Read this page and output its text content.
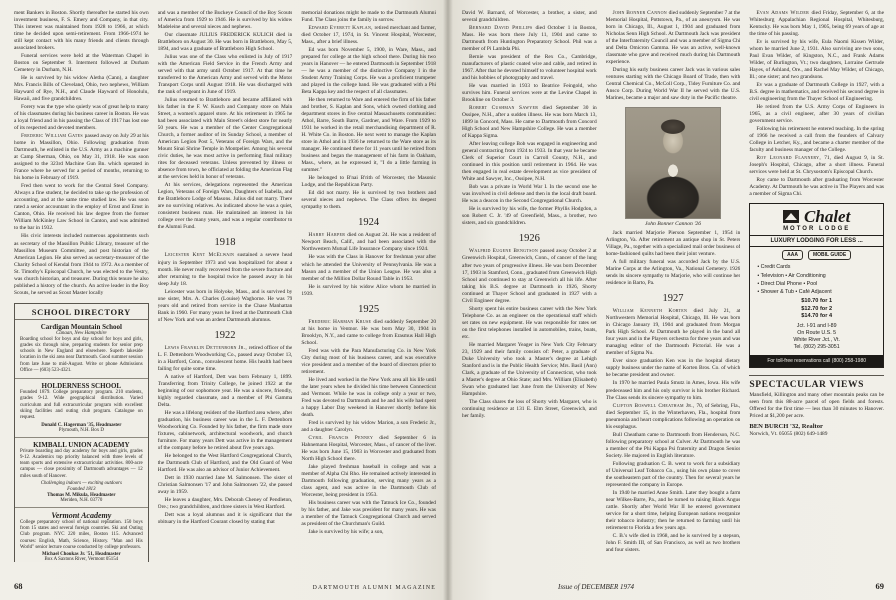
ment Bankers in Boston. Shortly thereafter he started his own investment business, F. S. Emery and Company, in that city. This interest was maintained from 1928 to 1966, at which time he decided upon semi-retirement. From 1966-1974 he still kept contact with his many friends and clients through associated brokers.

Funeral services were held at the Waterman Chapel in Boston on September 9. Interment followed at Durham Cemetery in Durham, N.H.

He is survived by his widow Aletha (Cann), a daughter Mrs. Francis Bills of Cleveland, Ohio, two nephews, William Hayward of Rye, N.H., and Claude Hayward of Honolulu, Hawaii, and five grandchildren.

Forery was the type who quietly was of great help to many of his classmates during his business career in Boston. He was a loyal friend and in his passing the Class of 1917 has lost one of its respected and devoted members.

Frederic William Gates passed away on July 29 at his home in Massillon, Ohio. Following graduation from Dartmouth, he enlisted in the U.S. Army as a machine gunner at Camp Sherman, Ohio, on May 31, 1918. He was soon assigned to the 323rd Machine Gun Bn. which operated in France where he served for a period of months, returning to his home in February of 1919.

Fred then went to work for the Central Steel Company. Always a fine student, he decided to take up the profession of accounting, and at the same time studied law. He was soon rated a senior accountant in the employ of Ernst and Ernst in Canton, Ohio. He received his law degree from the former William McKinley Law School in Canton, and was admitted to the bar in 1932.

His civic interests included numerous appointments such as secretary of the Massillon Public Library, treasurer of the Massillon Museum Committee, and post historian of the American Legion. He also served as secretary-treasurer of the Charity School of Kendal from 1944 to 1972. As a member of St. Timothy's Episcopal Church, he was elected to the Vestry, was church historian, and treasurer. During this tenure he also published a history of the church. An active leader in the Boy Scouts, he served as Scout Master locally

SCHOOL DIRECTORY
Cardigan Mountain School
Canaan, New Hampshire
Boarding school for boys and day school for boys and girls, grades six through nine, preparing students for senior prep schools in New England and elsewhere. Superb lakeside location in the ski area near Dartmouth. Good summer session from late June to mid-August. Write or phone Admissions Office — (603) 523-4321.
HOLDERNESS SCHOOL
Founded 1879. College preparatory program. 210 students, grades 9-12. Wide geographical distribution. Varied curriculum and full extracurricular program with excellent skiing facilities and outing club program. Catalogue on request.
Donald C. Hagerman '35, Headmaster
Plymouth, N.H. Box D
KIMBALL UNION ACADEMY
Private boarding and day academy for boys and girls, grades 9-12. Academics top priority balanced with three levels of team sports and extensive extracurricular activities. 800-acre campus — close proximity of Dartmouth advantages — 12 miles south of Hanover.
Challenging indoors — exciting outdoors
Founded 1813
Thomas M. Mikula, Headmaster
Meriden, N.H. 03770
Vermont Academy
College preparatory school of national reputation. 150 boys from 15 states and several foreign countries. Ski and Outing Club program. NYC 220 miles, Boston 115. Advanced courses: English, Math, Science, History. "Man and His World" senior lecture course conducted by college professors.
Michael Choukas Jr. '51, Headmaster
Box A Saxtons River, Vermont 05154

and was a member of the Buckeye Council of the Boy Scouts of America from 1929 to 1946. He is survived by his widow Madeleine and several nieces and nephews.

Our classmate JULIUS FREDERICK KULICH died in Brattleboro on August 30. He was born in Brattleboro, May 5, 1894, and was a graduate of Brattleboro High School.

Julius was one of the Class who enlisted in July of 1917 with the American Field Service in the French Army and served with that army until October 1917. At that time he transferred to the American Army and served with the Motor Transport Corps until August 1918. He was discharged with the rank of sergeant in June of 1919.

Julius returned to Brattleboro and became affiliated with his father in the F. W. Kusch and Company store on Main Street, a women's apparel store. At his retirement in 1965 he had been associated with Main Street's oldest store for nearly 50 years. He was a member of the Center Congregational Church, a former auditor of its Sunday School, a member of American Legion Post 5, Veterans of Foreign Wars, and the Mount Sinai Shrine Temple in Montpelier. Among his several civic duties, he was most active in performing final military rites for deceased veterans. Unless prevented by illness or absence from town, he officiated at folding the American Flag at the services held in honor of veterans.

At his services, delegations represented the American Legion, Veterans of Foreign Wars, Daughters of Isabella, and the Brattleboro Lodge of Masons. Julius did not marry. There are no surviving relatives. As indicated above he was a quiet, consistent business man. He maintained an interest in his college over the many years, and was a regular contributor to the Alumni Fund.

1918

Leicester Kent McElwain sustained a severe head injury in September 1973 and was hospitalized for about a month. He never really recovered from the severe fracture and after returning to the hospital twice he passed away in his sleep July 18.

Leicester was born in Holyoke, Mass., and is survived by one sister, Mrs. A. Charles (Louise) Waghorne. He was 79 years old and retired from service in the Chase Manhattan Bank in 1960. For many years he lived at the Dartmouth Club of New York and was an ardent Dartmouth alumnus.

1922

Lewis Franklin Dettenborn Jr., retired officer of the L. F. Dettenborn Woodworking Co., passed away October 13, in a Hartford, Conn., convalescent home. His health had been failing for quite some time.

A native of Hartford, Dett was born February 1, 1899. Transferring from Trinity College, he joined 1922 at the beginning of our sophomore year. He was a sincere, friendly, highly regarded classmate, and a member of Phi Gamma Delta.

He was a lifelong resident of the Hartford area where, after graduation, his business career was in the L. F. Dettenborn Woodworking Co. Founded by his father, the firm made store fixtures, cabinetwork, architectural woodwork, and church furniture. For many years Dett was active in the management of the company before he retired about five years ago.

He belonged to the West Hartford Congregational Church, the Dartmouth Club of Hartford, and the Old Guard of West Hartford. He was also an advisor of Junior Achievement.

Dett in 1930 married Jane M. Salmonsen. The sister of Christian Salmonsen '17 and John Salmonsen '22, she passed away in 1959.

He leaves a daughter, Mrs. Deborah Cheney of Pendleton, Ore.; two grandchildren, and three sisters in West Hartford.

Dett was a loyal alumnus and it is significant that the obituary in the Hartford Courant closed by stating that

memorial donations might be made to the Dartmouth Alumni Fund. The Class joins the family in sorrow.

Edward Everett Kaplan, retired merchant and farmer, died October 17, 1974, in St. Vincent Hospital, Worcester, Mass., after a brief illness.

Ed was born November 5, 1900, in Ware, Mass., and prepared for college at the high school there. During his two years in Hanover — he entered Dartmouth in September 1918 — he was a member of the distinctive Company I in the Student Army Training Corps. He was a proficient trumpeter and played in the college band. He was graduated with a Phi Beta Kappa key and the respect of all classmates.

He then returned to Ware and entered the firm of his father and brother, S. Kaplan and Sons, which owned clothing and department stores in five central Massachusetts communities: Athol, Barre, South Barre, Gardner, and Ware. From 1929 to 1931 he worked in the retail merchandising department of R. H. White Co. in Boston. He next went to manage the Kaplan store in Athol and in 1936 he returned to the Ware store as its manager. He continued there for 11 years until he retired from business and began the management of his farm in Oakham, Mass., where, as he expressed it, "I do a little farming in summer."

He belonged to B'nai B'rith of Worcester, the Masonic Lodge, and the Republican Party.

Ed did not marry. He is survived by two brothers and several nieces and nephews. The Class offers its deepest sympathy to them.

1924

Harry Harper died on August 24. He was a resident of Newport Beach, Calif., and had been associated with the Northwestern Mutual Life Insurance Company since 1924.

He was with the Class in Hanover for freshman year after which he attended the University of Pennsylvania. He was a Mason and a member of the Union League. He was also a member of the Million Dollar Round Table in 1953.

He is survived by his widow Alice whom he married in 1939.

1925

Frederic Harman Kruse died suddenly September 20 at his home in Ventnor. He was born May 30, 1904 in Brooklyn, N.Y., and came to college from Erasmus Hall High School.

Fred was with the Para Manufacturing Co. in New York City during most of his business career, and was executive vice president and a member of the board of directors prior to retirement.

He lived and worked in the New York area all his life until the later years when he divided his time between Connecticut and Vermont. While he was in college only a year or two, Fred was devoted to Dartmouth and he and his wife had spent a happy Labor Day weekend in Hanover shortly before his death.

Fred is survived by his widow Marion, a son Frederic Jr., and a daughter Carolyn.

Cyril Francis Penney died September 6 in Hahnemann Hospital, Worcester, Mass., of cancer of the liver. He was born June 15, 1903 in Worcester and graduated from North High School there.

Jake played freshman baseball in college and was a member of Alpha Chi Rho. He remained actively interested in Dartmouth following graduation, serving many years as a class agent, and was active in the Dartmouth Club of Worcester, being president in 1953.

His business career was with the Tatnuck Ice Co., founded by his father, and Jake was president for many years. He was a member of the Tatnuck Congregational Church and served as president of the Churchman's Guild.

Jake is survived by his wife; a son,

68	DARTMOUTH ALUMNI MAGAZINE

David W. Barnard, of Worcester, a brother, a sister, and several grandchildren.

Bernard David Phillips died October 1 in Boston, Mass. He was born there July 11, 1904 and came to Dartmouth from Huntington Preparatory School. Phil was a member of Pi Lambda Phi.

Bernie was president of the Rex Co., Cambridge, manufacturers of plastic coated wire and cable, and retired in 1967. After that he devoted himself to volunteer hospital work and his hobbies of photography and travel.

He was married in 1933 to Beatrice Feingold, who survives him. Funeral services were at the Levine Chapel in Brookline on October 3.

Robert Cushman Sawyer died September 30 in Ossipee, N.H., after a sudden illness. He was born March 13, 1899 in Concord, Mass. He came to Dartmouth from Concord High School and New Hampshire College. He was a member of Kappa Sigma.

After leaving college Bob was engaged in engineering and general contracting from 1924 to 1933. In that year he became Clerk of Superior Court in Carroll County, N.H., and continued in this position until retirement in 1964. He was then engaged in real estate development as vice president of White and Sawyer, Inc., Ossipee, N.H.

Bob was a private in World War I. In the second one he was involved in civil defense and then in the local draft board. He was a deacon in the Second Congregational Church.

He is survived by his wife, the former Phyllis Hodgdon, a son Robert C. Jr. '49 of Greenfield, Mass., a brother, two sisters, and six grandchildren.

1926

Walfrid Eugene Bengtson passed away October 2 at Greenwich Hospital, Greenwich, Conn., of cancer of the lung after two years of progressive illness. He was born December 17, 1903 in Stamford, Conn., graduated from Greenwich High School and continued to stay at Greenwich all his life. After taking his B.S. degree at Dartmouth in 1926, Shorty continued at Thayer School and graduated in 1927 with a Civil Engineer degree.

Shorty spent his entire business career with the New York Telephone Co. as an engineer on the operational staff which set rates on new equipment. He was responsible for rates set on the first telephones installed in automobiles, trains, boats, etc.

He married Margaret Yeager in New York City February 23, 1929 and their family consists of: Peter, a graduate of Duke University who took a Master's degree at Lehigh Stanford and is in the Public Health Service; Mrs. Basil (Ann) Clark, a graduate of the University of Connecticut, who took a Master's degree at Ohio State; and Mrs. William (Elisabeth) Swan who graduated last June from the University of New Hampshire.

The Class shares the loss of Shorty with Margaret, who is continuing residence at 131 E. Elm Street, Greenwich, and her family.

John Bonner Cannon died suddenly September 7 at the Memorial Hospital, Pottstown, Pa., of an aneurysm. He was born in Chicago, Ill., August 1, 1904 and graduated from Nicholas Senn High School. At Dartmouth Jack was president of the Interfraternity Council and was a member of Sigma Chi and Delta Omicron Gamma. He was an active, well-known classmate who gave and received much during his Dartmouth experience.

During his early business career Jack was in various sales ventures starting with the Chicago Board of Trade, then with Central Chemical Co., McColl Corp., Tidey Furniture Co. and Ansco Corp. During World War II he served with the U.S. Marines, became a major and saw duty in the Pacific theatre.

John Bonner Cannon '26

Jack married Marjorie Pierson September 1, 1954 in Arlington, Va. After retirement an antique shop in St. Peters Village, Pa., together with a specialized mail order business of home-fashioned quilts had been their joint venture.

A full military funeral was accorded Jack by the U.S. Marine Corps at the Arlington, Va., National Cemetery. 1926 sends its sincere sympathy to Marjorie, who will continue her residence in Barto, Pa.

1927

William Kenneth Korten died July 21, at Northwestern Memorial Hospital, Chicago, Ill. He was born in Chicago January 19, 1904 and graduated from Morgan Park High School. At Dartmouth he played in the band all four years and in the Players orchestra for three years and was managing editor of the Dartmouth Pictorial. He was a member of Sigma Nu.

Ever since graduation Ken was in the hospital dietary supply business under the name of Korten Bros. Co. of which he became president and owner.

In 1970 he married Paula Smutz in Ames, Iowa. His wife predeceased him and his only survivor is his brother Richard. The Class sends its sincere sympathy to him.

Clifton Boswell Cheatham Jr., 70, of Sebring, Fla., died September 15, in the Winterhaven, Fla., hospital from pneumonia and heart complications following an operation on his esophagus.

Bull Cheatham came to Dartmouth from Henderson, N.C. following preparatory school at Culver. At Dartmouth he was a member of the Phi Kappa Psi fraternity and Dragon Senior Society. He majored in English literature.

Following graduation C. B. went to work for a subsidiary of Universal Leaf Tobacco Co., using his own plane to cover the southeastern part of the country. Then for several years he represented the company in Europe.

In 1940 he married Anne Smith. Later they bought a farm near Wilkes-Barre, Pa., and he turned to raising Black Angus cattle. Shortly after World War II he entered government service for a short time, helping European nations reorganize their tobacco industry; then he returned to farming until his retirement to Florida a few years ago.

C. B.'s wife died in 1968, and he is survived by a stepson, John F. Smith III, of San Francisco, as well as two brothers and four sisters.

Evan Adams Wilder died Friday, September 6, at the Whitesburg Appalachian Regional Hospital, Whitesburg, Kentucky. He was born May 1, 1905, being 69 years of age at the time of his passing.

Ev is survived by his wife, Eula Naomi Kissen Wilder, whom he married June 2, 1931. Also surviving are two sons, Paul Evan Wilder, of Kingston, N.C., and Frank Adams Wilder, of Burlington, Vt.; two daughters, Lorraine Gertrude Hayes, of Ashland, Ore., and Rachel May Wilder, of Chicago, Ill.; one sister; and two grandsons.

Ev was a graduate of Dartmouth College in 1927, with a B.S. degree in mathematics, and received his second degree in civil engineering from the Thayer School of Engineering.

He retired from the U.S. Army Corps of Engineers in 1965, as a civil engineer, after 30 years of civilian government service.

Following his retirement he entered teaching. In the spring of 1966 he received a call from the founders of Calvary College in Letcher, Ky., and became a charter member of the faculty and business manager of the College.

Roy Leonard Flannery, 71, died August 9, in St. Joseph's Hospital, Chicago, after a short illness. Funeral services were held at St. Chrysostom's Episcopal Church.

Roy came to Dartmouth after graduating from Worcester Academy. At Dartmouth he was active in The Players and was a member of Sigma Chi.

Chalet
MOTOR LODGE
LUXURY LODGING FOR LESS ...
AAA	MOBIL GUIDE
• Credit Cards
• Television • Air Conditioning
• Direct Dial Phone • Pool
• Shower & Tub • Café Adjacent
$10.70 for 1
$12.70 for 2
$14.70 for 4
Jct. I-91 and I-89
On Route U.S. 5
White River Jct., Vt.
Tel. (802) 295-3051
For toll-free reservations call (800) 258-1980
SPECTACULAR VIEWS
Mansfield, Killington and many other mountain peaks can be seen from this 88-acre parcel of open fields and forests. Offered for the first time — less than 30 minutes to Hanover. Priced at $1,200 per acre.
BEN BURCH '32, Realtor
Norwich, Vt. 05055 (802) 649-1489
Issue of DECEMBER 1974	69
